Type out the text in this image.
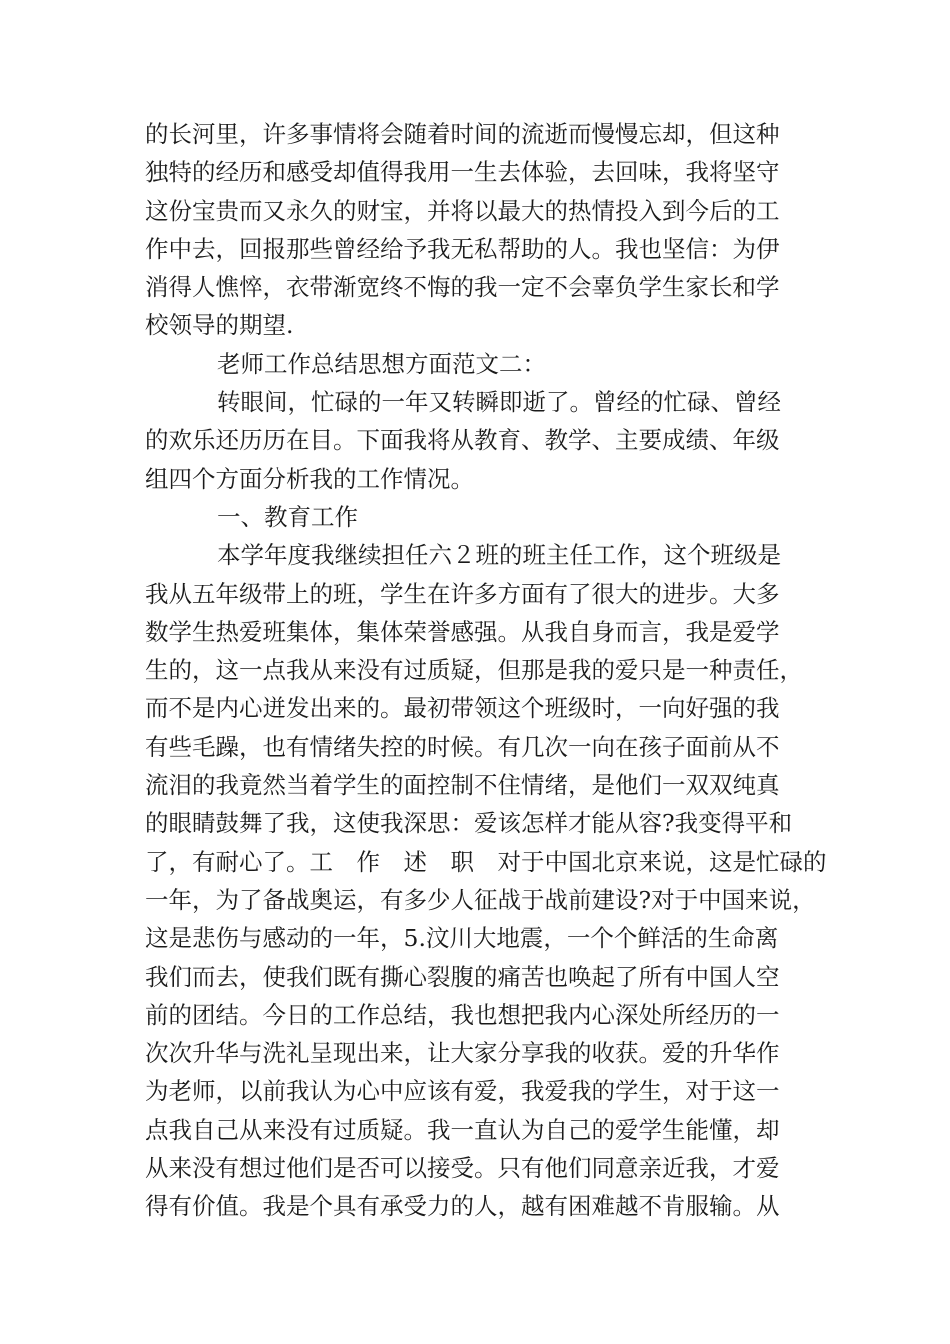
的长河里，许多事情将会随着时间的流逝而慢慢忘却，但这种
独特的经历和感受却值得我用一生去体验，去回味，我将坚守
这份宝贵而又永久的财宝，并将以最大的热情投入到今后的工
作中去，回报那些曾经给予我无私帮助的人。我也坚信：为伊
消得人憔悴，衣带渐宽终不悔的我一定不会辜负学生家长和学
校领导的期望.
老师工作总结思想方面范文二：
转眼间，忙碌的一年又转瞬即逝了。曾经的忙碌、曾经
的欢乐还历历在目。下面我将从教育、教学、主要成绩、年级
组四个方面分析我的工作情况。
一、教育工作
本学年度我继续担任六２班的班主任工作，这个班级是
我从五年级带上的班，学生在许多方面有了很大的进步。大多
数学生热爱班集体，集体荣誉感强。从我自身而言，我是爱学
生的，这一点我从来没有过质疑，但那是我的爱只是一种责任，
而不是内心迸发出来的。最初带领这个班级时，一向好强的我
有些毛躁，也有情绪失控的时候。有几次一向在孩子面前从不
流泪的我竟然当着学生的面控制不住情绪，是他们一双双纯真
的眼睛鼓舞了我，这使我深思：爱该怎样才能从容?我变得平和
了，有耐心了。工　作　述　职　对于中国北京来说，这是忙碌的
一年，为了备战奥运，有多少人征战于战前建设?对于中国来说，
这是悲伤与感动的一年，5.汶川大地震，一个个鲜活的生命离
我们而去，使我们既有撕心裂腹的痛苦也唤起了所有中国人空
前的团结。今日的工作总结，我也想把我内心深处所经历的一
次次升华与洗礼呈现出来，让大家分享我的收获。爱的升华作
为老师，以前我认为心中应该有爱，我爱我的学生，对于这一
点我自己从来没有过质疑。我一直认为自己的爱学生能懂，却
从来没有想过他们是否可以接受。只有他们同意亲近我，才爱
得有价值。我是个具有承受力的人，越有困难越不肯服输。从
